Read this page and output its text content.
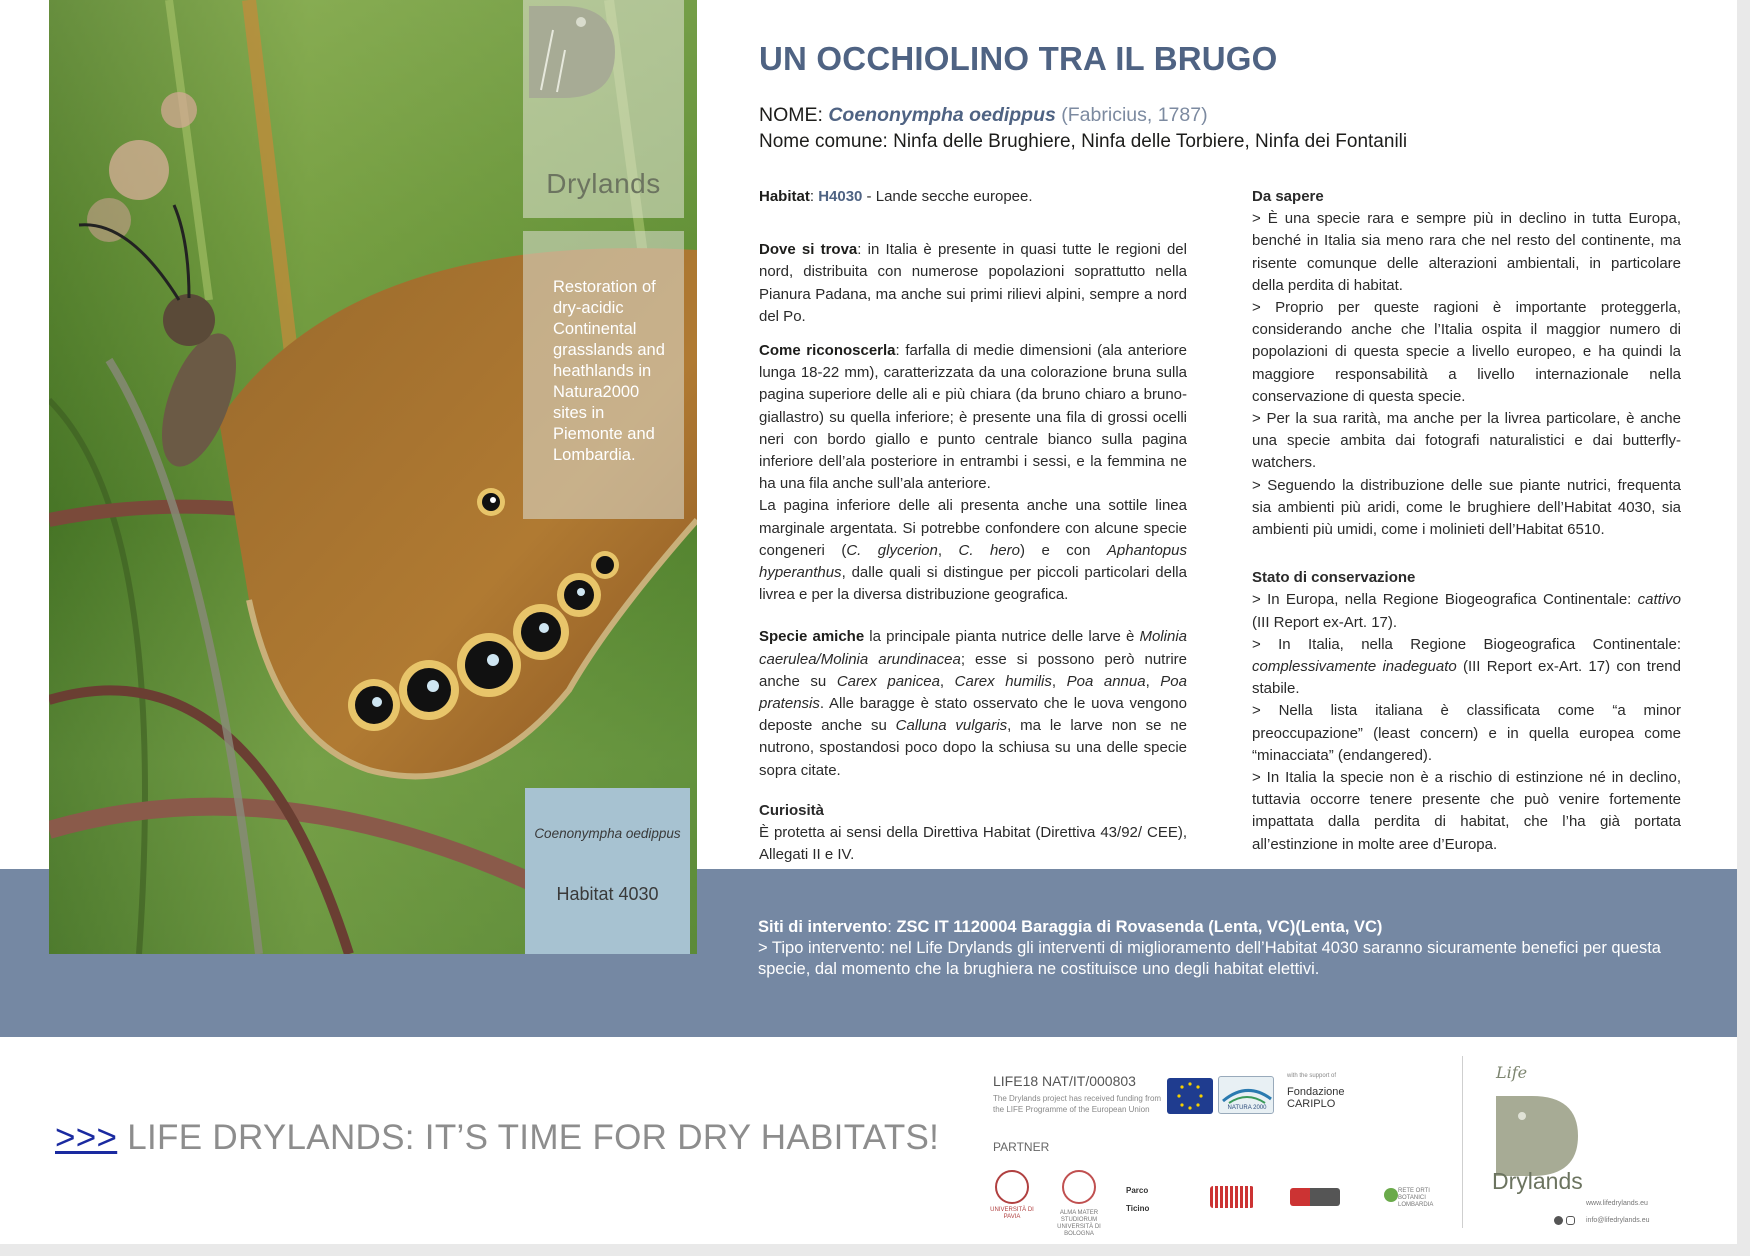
Drylands
Restoration of dry-acidic Continental grasslands and heathlands in Natura2000 sites in Piemonte and Lombardia.
Coenonympha oedippus
Habitat 4030
UN OCCHIOLINO TRA IL BRUGO
NOME: Coenonympha oedippus (Fabricius, 1787)
Nome comune: Ninfa delle Brughiere, Ninfa delle Torbiere, Ninfa dei Fontanili

Habitat: H4030 - Lande secche europee.

Dove si trova: in Italia è presente in quasi tutte le regioni del nord, distribuita con numerose popolazioni soprattutto nella Pianura Padana, ma anche sui primi rilievi alpini, sempre a nord del Po.

Come riconoscerla: farfalla di medie dimensioni (ala anteriore lunga 18-22 mm), caratterizzata da una colorazione bruna sulla pagina superiore delle ali e più chiara (da bruno chiaro a bruno-giallastro) su quella inferiore; è presente una fila di grossi ocelli neri con bordo giallo e punto centrale bianco sulla pagina inferiore dell’ala posteriore in entrambi i sessi, e la femmina ne ha una fila anche sull’ala anteriore.

La pagina inferiore delle ali presenta anche una sottile linea marginale argentata. Si potrebbe confondere con alcune specie congeneri (C. glycerion, C. hero) e con Aphantopus hyperanthus, dalle quali si distingue per piccoli particolari della livrea e per la diversa distribuzione geografica.

Specie amiche la principale pianta nutrice delle larve è Molinia caerulea/Molinia arundinacea; esse si possono però nutrire anche su Carex panicea, Carex humilis, Poa annua, Poa pratensis. Alle baragge è stato osservato che le uova vengono deposte anche su Calluna vulgaris, ma le larve non se ne nutrono, spostandosi poco dopo la schiusa su una delle specie sopra citate.

Curiosità
È protetta ai sensi della Direttiva Habitat (Direttiva 43/92/ CEE), Allegati II e IV.

Da sapere
> È una specie rara e sempre più in declino in tutta Europa, benché in Italia sia meno rara che nel resto del continente, ma risente comunque delle alterazioni ambientali, in particolare della perdita di habitat.
> Proprio per queste ragioni è importante proteggerla, considerando anche che l’Italia ospita il maggior numero di popolazioni di questa specie a livello europeo, e ha quindi la maggiore responsabilità a livello internazionale nella conservazione di questa specie.
> Per la sua rarità, ma anche per la livrea particolare, è anche una specie ambita dai fotografi naturalistici e dai butterfly-watchers.
> Seguendo la distribuzione delle sue piante nutrici, frequenta sia ambienti più aridi, come le brughiere dell’Habitat 4030, sia ambienti più umidi, come i molinieti dell’Habitat 6510.

Stato di conservazione
> In Europa, nella Regione Biogeografica Continentale: cattivo (III Report ex-Art. 17).
> In Italia, nella Regione Biogeografica Continentale: complessivamente inadeguato (III Report ex-Art. 17) con trend stabile.
> Nella lista italiana è classificata come “a minor preoccupazione” (least concern) e in quella europea come “minacciata” (endangered).
> In Italia la specie non è a rischio di estinzione né in declino, tuttavia occorre tenere presente che può venire fortemente impattata dalla perdita di habitat, che l’ha già portata all’estinzione in molte aree d’Europa.

Siti di intervento: ZSC IT 1120004 Baraggia di Rovasenda (Lenta, VC)(Lenta, VC)
> Tipo intervento: nel Life Drylands gli interventi di miglioramento dell’Habitat 4030 saranno sicuramente benefici per questa specie, dal momento che la brughiera ne costituisce uno degli habitat elettivi.
>>> LIFE DRYLANDS: IT’S TIME FOR DRY HABITATS!
LIFE18 NAT/IT/000803
The Drylands project has received funding from the LIFE Programme of the European Union	NATURA 2000
with the support of
Fondazione
CARIPLO
PARTNER
UNIVERSITÀ DI PAVIA
ALMA MATER STUDIORUM UNIVERSITÀ DI BOLOGNA
Parco Ticino
RETE ORTI BOTANICI LOMBARDIA
Life
Drylands
www.lifedrylands.eu

info@lifedrylands.eu
